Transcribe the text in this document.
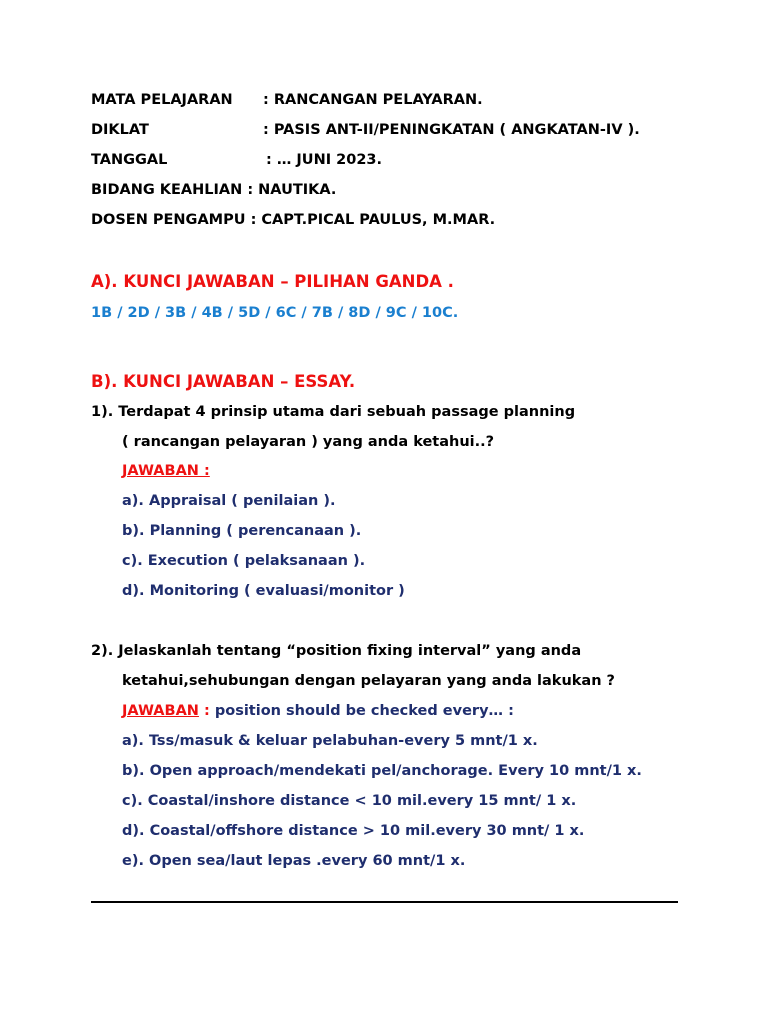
MATA PELAJARAN : RANCANGAN PELAYARAN.
DIKLAT	: PASIS ANT-II/PENINGKATAN ( ANGKATAN-IV ).
TANGGAL	: … JUNI 2023.
BIDANG KEAHLIAN : NAUTIKA.
DOSEN PENGAMPU : CAPT.PICAL PAULUS, M.MAR.
A). KUNCI JAWABAN – PILIHAN GANDA .
1B / 2D / 3B / 4B / 5D / 6C / 7B / 8D / 9C / 10C.
B). KUNCI JAWABAN – ESSAY.
1). Terdapat 4 prinsip utama dari sebuah passage planning
( rancangan pelayaran ) yang anda ketahui..?
JAWABAN :
a). Appraisal ( penilaian ).
b). Planning ( perencanaan ).
c). Execution ( pelaksanaan ).
d). Monitoring ( evaluasi/monitor )
2). Jelaskanlah tentang “position fixing interval” yang anda
ketahui,sehubungan dengan pelayaran yang anda lakukan ?
JAWABAN : position should be checked every… :
a). Tss/masuk & keluar pelabuhan-every 5 mnt/1 x.
b). Open approach/mendekati pel/anchorage. Every 10 mnt/1 x.
c). Coastal/inshore distance < 10 mil.every 15 mnt/ 1 x.
d). Coastal/offshore distance > 10 mil.every 30 mnt/ 1 x.
e). Open sea/laut lepas .every 60 mnt/1 x.
